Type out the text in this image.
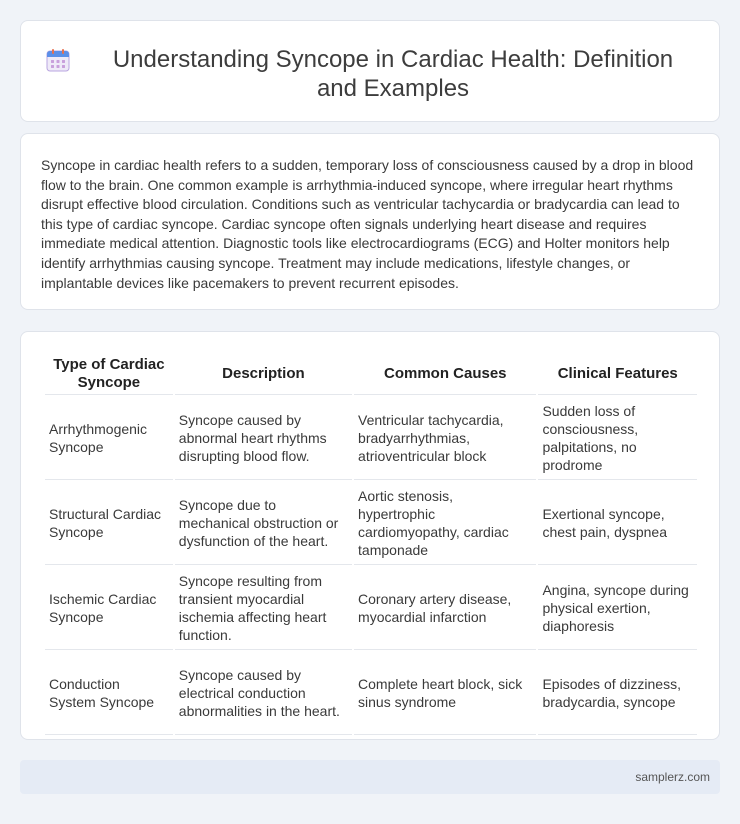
Understanding Syncope in Cardiac Health: Definition and Examples

Syncope in cardiac health refers to a sudden, temporary loss of consciousness caused by a drop in blood flow to the brain. One common example is arrhythmia-induced syncope, where irregular heart rhythms disrupt effective blood circulation. Conditions such as ventricular tachycardia or bradycardia can lead to this type of cardiac syncope. Cardiac syncope often signals underlying heart disease and requires immediate medical attention. Diagnostic tools like electrocardiograms (ECG) and Holter monitors help identify arrhythmias causing syncope. Treatment may include medications, lifestyle changes, or implantable devices like pacemakers to prevent recurrent episodes.

Type of Cardiac Syncope	Description	Common Causes	Clinical Features
Arrhythmogenic Syncope	Syncope caused by abnormal heart rhythms disrupting blood flow.	Ventricular tachycardia, bradyarrhythmias, atrioventricular block	Sudden loss of consciousness, palpitations, no prodrome
Structural Cardiac Syncope	Syncope due to mechanical obstruction or dysfunction of the heart.	Aortic stenosis, hypertrophic cardiomyopathy, cardiac tamponade	Exertional syncope, chest pain, dyspnea
Ischemic Cardiac Syncope	Syncope resulting from transient myocardial ischemia affecting heart function.	Coronary artery disease, myocardial infarction	Angina, syncope during physical exertion, diaphoresis
Conduction System Syncope	Syncope caused by electrical conduction abnormalities in the heart.	Complete heart block, sick sinus syndrome	Episodes of dizziness, bradycardia, syncope
samplerz.com
